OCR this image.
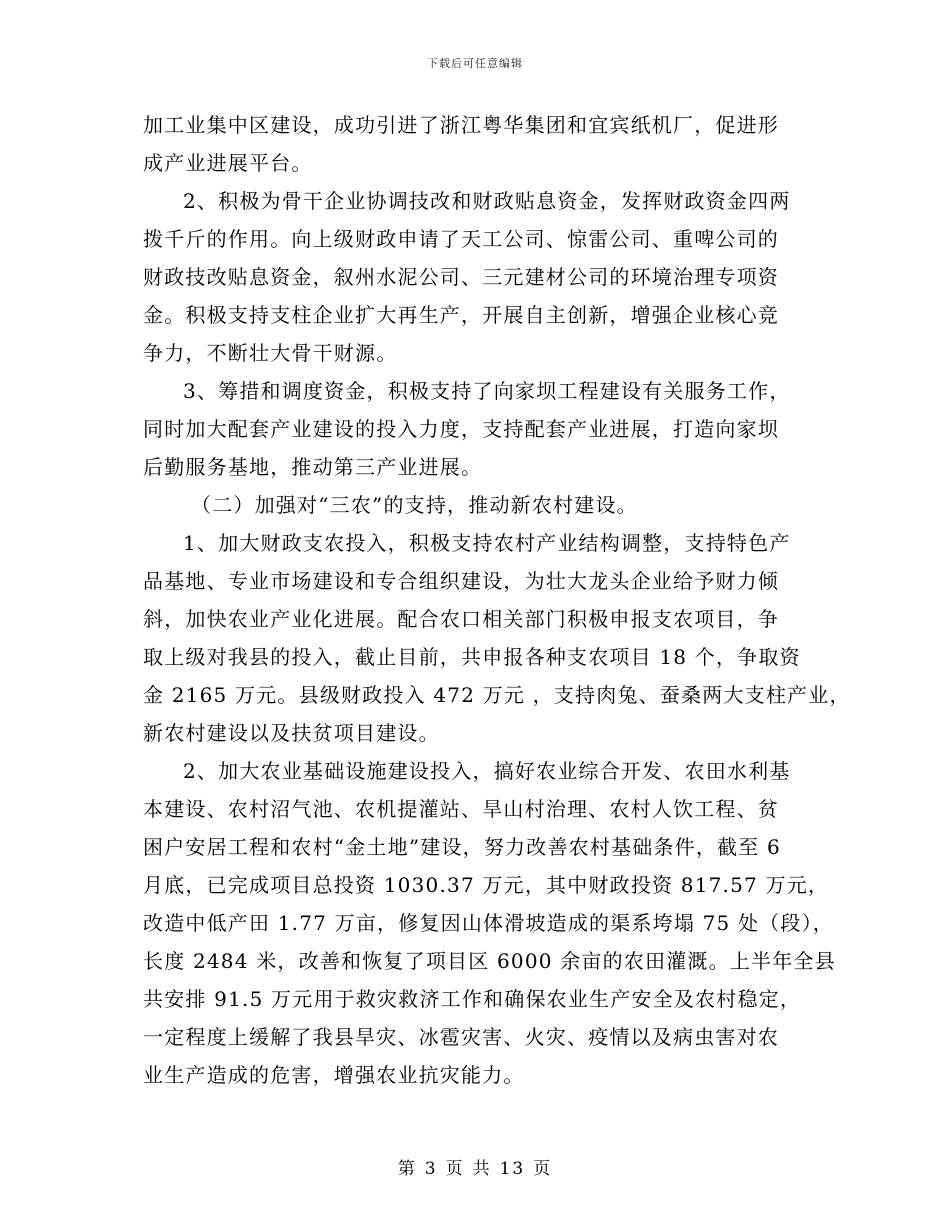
下载后可任意编辑
加工业集中区建设，成功引进了浙江粤华集团和宜宾纸机厂，促进形
成产业进展平台。
2、积极为骨干企业协调技改和财政贴息资金，发挥财政资金四两
拨千斤的作用。向上级财政申请了天工公司、惊雷公司、重啤公司的
财政技改贴息资金，叙州水泥公司、三元建材公司的环境治理专项资
金。积极支持支柱企业扩大再生产，开展自主创新，增强企业核心竞
争力，不断壮大骨干财源。
3、筹措和调度资金，积极支持了向家坝工程建设有关服务工作，
同时加大配套产业建设的投入力度，支持配套产业进展，打造向家坝
后勤服务基地，推动第三产业进展。
（二）加强对“三农”的支持，推动新农村建设。
1、加大财政支农投入，积极支持农村产业结构调整，支持特色产
品基地、专业市场建设和专合组织建设，为壮大龙头企业给予财力倾
斜，加快农业产业化进展。配合农口相关部门积极申报支农项目，争
取上级对我县的投入，截止目前，共申报各种支农项目 18 个，争取资
金 2165 万元。县级财政投入 472 万元 ，支持肉兔、蚕桑两大支柱产业，
新农村建设以及扶贫项目建设。
2、加大农业基础设施建设投入，搞好农业综合开发、农田水利基
本建设、农村沼气池、农机提灌站、旱山村治理、农村人饮工程、贫
困户安居工程和农村“金土地”建设，努力改善农村基础条件，截至 6
月底，已完成项目总投资 1030.37 万元，其中财政投资 817.57 万元，
改造中低产田 1.77 万亩，修复因山体滑坡造成的渠系垮塌 75 处（段），
长度 2484 米，改善和恢复了项目区 6000 余亩的农田灌溉。上半年全县
共安排 91.5 万元用于救灾救济工作和确保农业生产安全及农村稳定，
一定程度上缓解了我县旱灾、冰雹灾害、火灾、疫情以及病虫害对农
业生产造成的危害，增强农业抗灾能力。
第 3 页 共 13 页
